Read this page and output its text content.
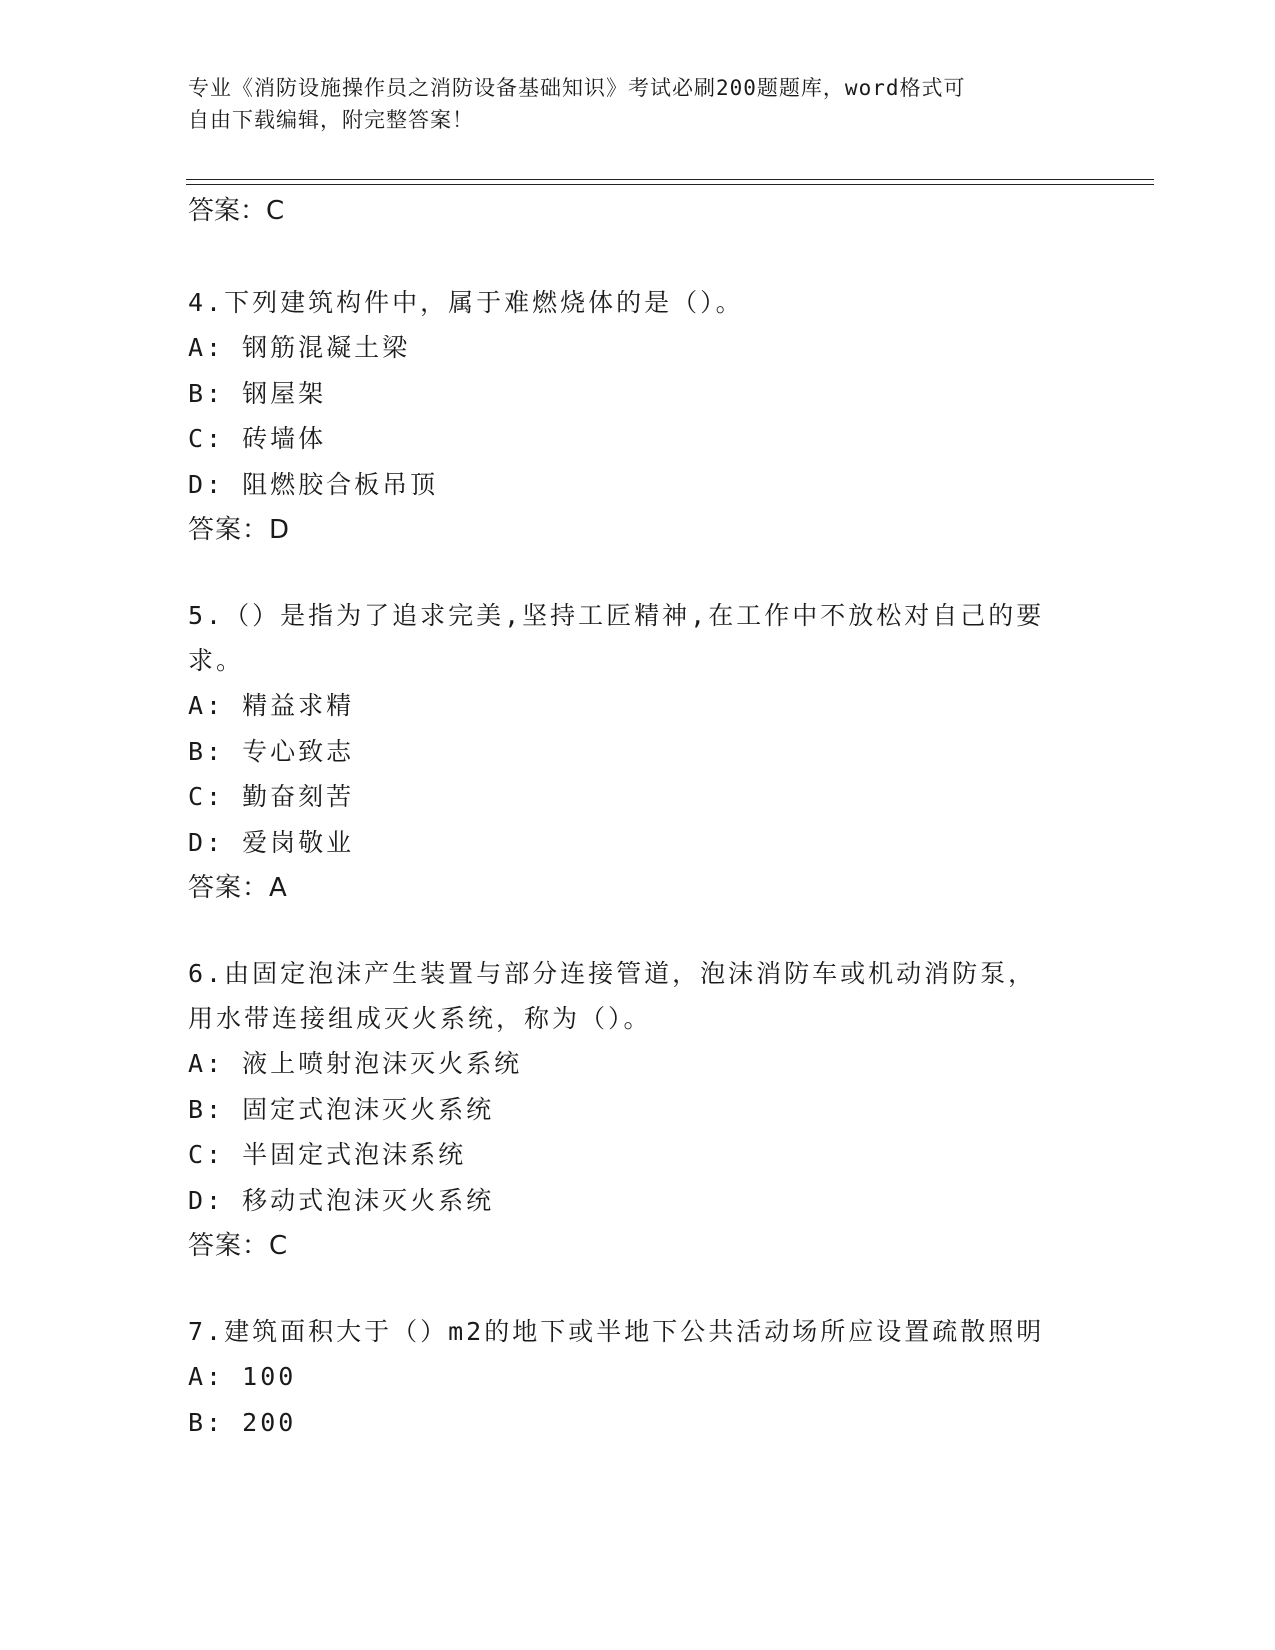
专业《消防设施操作员之消防设备基础知识》考试必刷200题题库，word格式可
自由下载编辑，附完整答案！
答案：C
4.下列建筑构件中，属于难燃烧体的是（）。
A: 钢筋混凝土梁
B: 钢屋架
C: 砖墙体
D: 阻燃胶合板吊顶
答案：D
5.（）是指为了追求完美,坚持工匠精神,在工作中不放松对自己的要
求。
A: 精益求精
B: 专心致志
C: 勤奋刻苦
D: 爱岗敬业
答案：A
6.由固定泡沫产生装置与部分连接管道，泡沫消防车或机动消防泵，
用水带连接组成灭火系统，称为（）。
A: 液上喷射泡沫灭火系统
B: 固定式泡沫灭火系统
C: 半固定式泡沫系统
D: 移动式泡沫灭火系统
答案：C
7.建筑面积大于（）m2的地下或半地下公共活动场所应设置疏散照明
A: 100
B: 200
